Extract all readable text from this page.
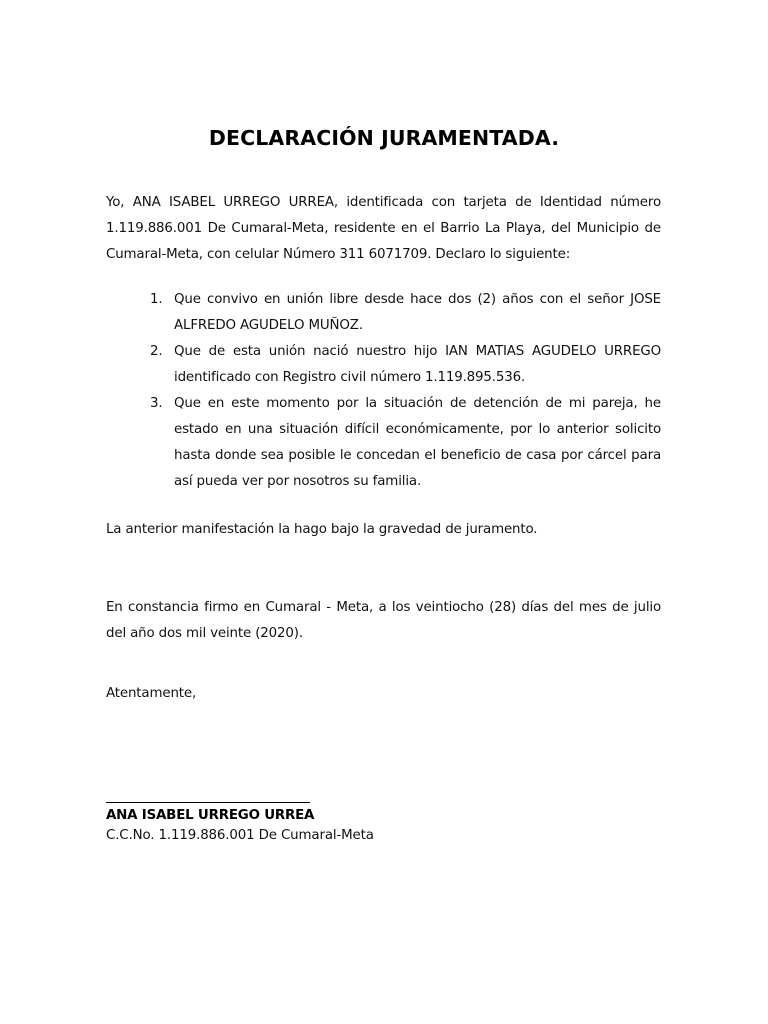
DECLARACIÓN JURAMENTADA.
Yo, ANA ISABEL URREGO URREA, identificada con tarjeta de Identidad número 1.119.886.001 De Cumaral-Meta, residente en el Barrio La Playa, del Municipio de Cumaral-Meta, con celular Número 311 6071709. Declaro lo siguiente:
1. Que convivo en unión libre desde hace dos (2) años con el señor JOSE ALFREDO AGUDELO MUÑOZ.
2. Que de esta unión nació nuestro hijo IAN MATIAS AGUDELO URREGO identificado con Registro civil número 1.119.895.536.
3. Que en este momento por la situación de detención de mi pareja, he estado en una situación difícil económicamente, por lo anterior solicito hasta donde sea posible le concedan el beneficio de casa por cárcel para así pueda ver por nosotros su familia.
La anterior manifestación la hago bajo la gravedad de juramento.
En constancia firmo en Cumaral - Meta, a los veintiocho (28) días del mes de julio del año dos mil veinte (2020).
Atentamente,
ANA ISABEL URREGO URREA
C.C.No. 1.119.886.001 De Cumaral-Meta
